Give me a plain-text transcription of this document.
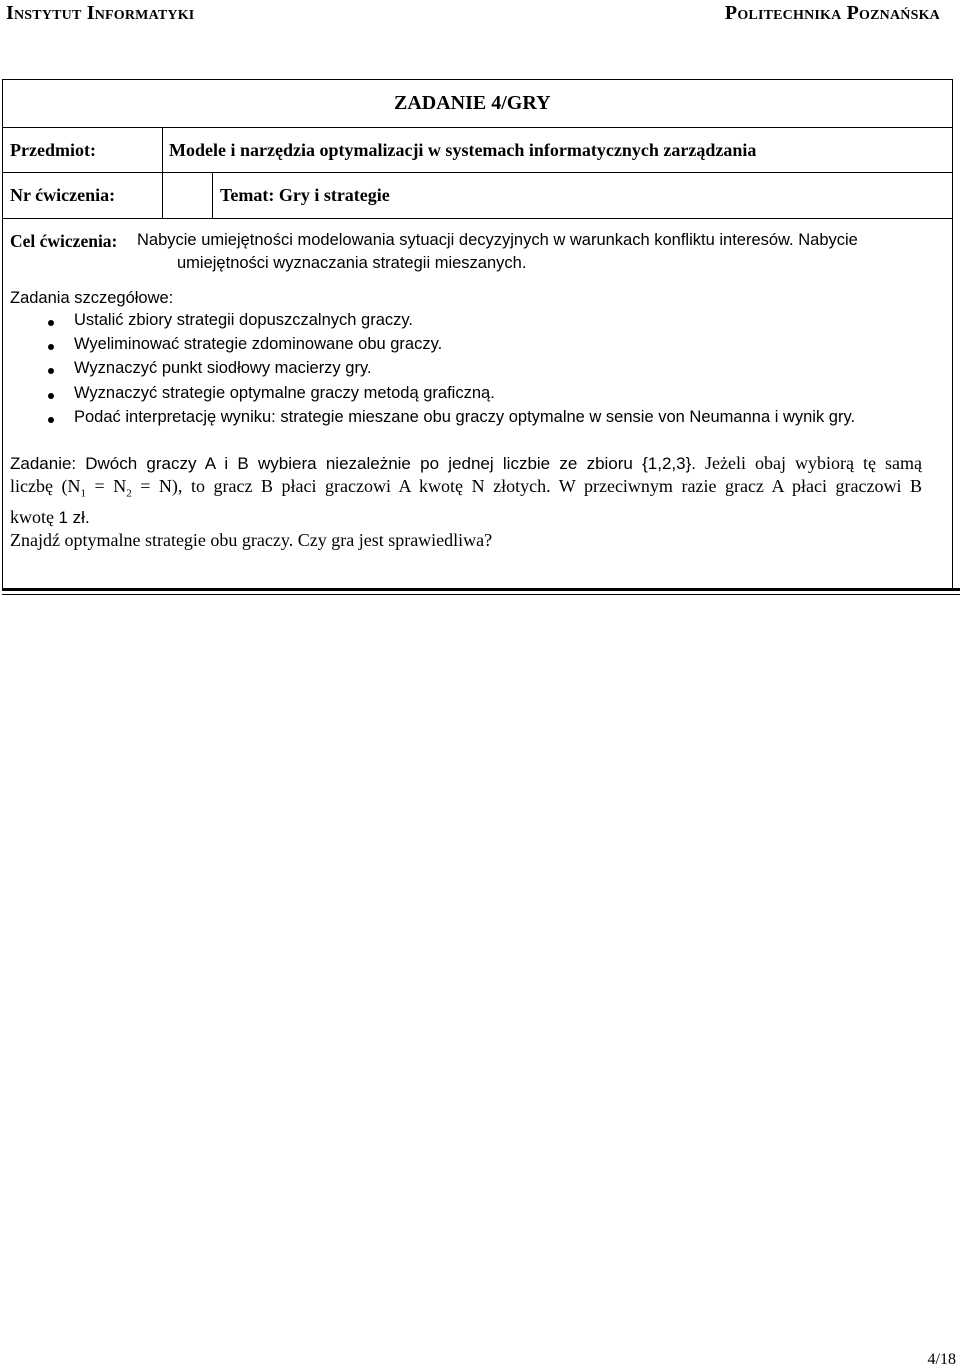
Instytut Informatyki	Politechnika Poznańska
ZADANIE 4/GRY
Przedmiot:	Modele i narzędzia optymalizacji w systemach informatycznych zarządzania
Nr ćwiczenia:	Temat: Gry i strategie
Cel ćwiczenia: Nabycie umiejętności modelowania sytuacji decyzyjnych w warunkach konfliktu interesów. Nabycie
umiejętności wyznaczania strategii mieszanych.
Zadania szczegółowe:
Ustalić zbiory strategii dopuszczalnych graczy.
Wyeliminować strategie zdominowane obu graczy.
Wyznaczyć punkt siodłowy macierzy gry.
Wyznaczyć strategie optymalne graczy metodą graficzną.
Podać interpretację wyniku: strategie mieszane obu graczy optymalne w sensie von Neumanna i wynik gry.
Zadanie: Dwóch graczy A i B wybiera niezależnie po jednej liczbie ze zbioru {1,2,3}. Jeżeli obaj wybiorą tę samą
liczbę $(N_1 = N_2 = N)$, to gracz B płaci graczowi A kwotę N złotych. W przeciwnym razie gracz A płaci graczowi B
kwotę 1 zł.
Znajdź optymalne strategie obu graczy. Czy gra jest sprawiedliwa?
4/18
